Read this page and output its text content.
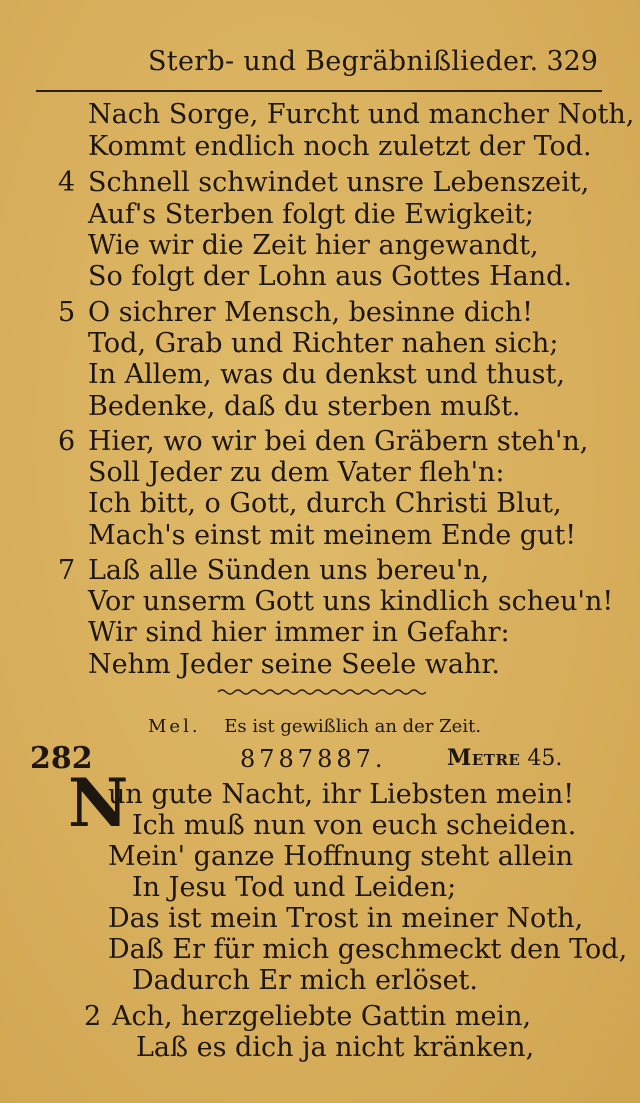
Sterb- und Begräbnißlieder. 329
Nach Sorge, Furcht und mancher Noth,
Kommt endlich noch zuletzt der Tod.
4 Schnell schwindet unsre Lebenszeit,
Auf's Sterben folgt die Ewigkeit;
Wie wir die Zeit hier angewandt,
So folgt der Lohn aus Gottes Hand.
5 O sichrer Mensch, besinne dich!
Tod, Grab und Richter nahen sich;
In Allem, was du denkst und thust,
Bedenke, daß du sterben mußt.
6 Hier, wo wir bei den Gräbern steh'n,
Soll Jeder zu dem Vater fleh'n:
Ich bitt, o Gott, durch Christi Blut,
Mach's einst mit meinem Ende gut!
7 Laß alle Sünden uns bereu'n,
Vor unserm Gott uns kindlich scheu'n!
Wir sind hier immer in Gefahr:
Nehm Jeder seine Seele wahr.
Mel. Es ist gewißlich an der Zeit.
282	8787887.	Metre 45.
N
un gute Nacht, ihr Liebsten mein!
Ich muß nun von euch scheiden.
Mein' ganze Hoffnung steht allein
In Jesu Tod und Leiden;
Das ist mein Trost in meiner Noth,
Daß Er für mich geschmeckt den Tod,
Dadurch Er mich erlöset.
2 Ach, herzgeliebte Gattin mein,
Laß es dich ja nicht kränken,
